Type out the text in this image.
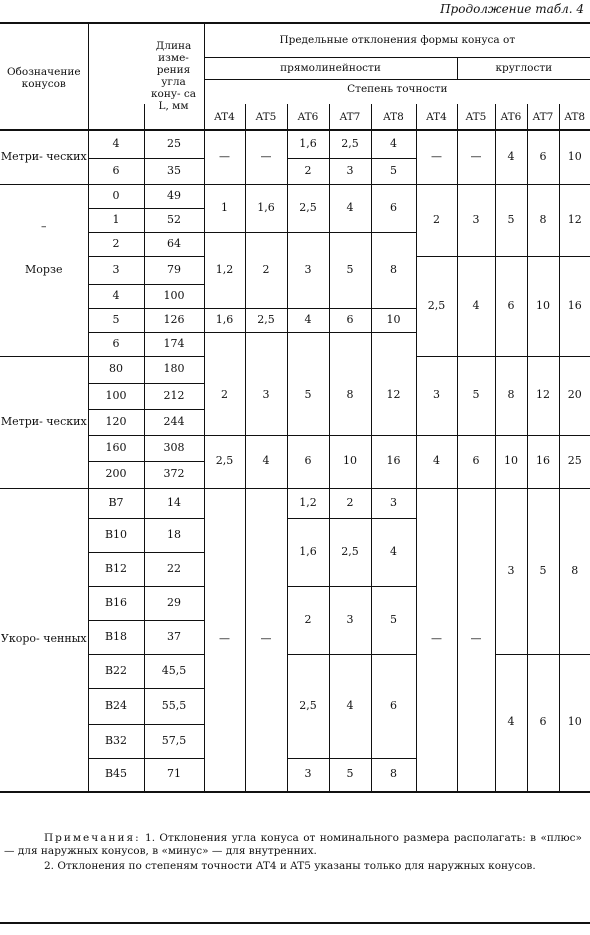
Продолжение табл. 4
Обозначение конусов	Длина изме- рения угла кону- са L, мм	Предельные отклонения формы конуса от	
		прямолинейности	круглости

		Степень точности	
			AT4	AT5	AT6	AT7	AT8	AT4	AT5	AT6	AT7	AT8
Метри- ческих	4	25	—	—	1,6	2,5	4	—	—	4	6	10
	6	35			2	3	5					

–
Морзе	0	49	1	1,6	2,5	4	6	2	3	5	8	12
	1	52										
	2	64	1,2	2	3	5	8					
	3	79						2,5	4	6	10	16
	4	100										
	5	126	1,6	2,5	4	6	10					
	6	174										
Метри- ческих	80	180	2	3	5	8	12	3	5	8	12	20
	100	212										
	120	244										
	160	308	2,5	4	6	10	16	4	6	10	16	25
	200	372										
Укоро- ченных	B7	14	—	—	1,2	2	3	—	—	3	5	8
	B10	18			1,6	2,5	4					
	B12	22										
	B16	29			2	3	5					
	B18	37										
	B22	45,5			2,5	4	6			4	6	10
	B24	55,5										
	B32	57,5										
	B45	71			3	5	8					

Примечания: 1. Отклонения угла конуса от номинального размера располагать: в «плюс» — для наружных конусов, в «минус» — для внутренних.

2. Отклонения по степеням точности AT4 и AT5 указаны только для наружных конусов.
